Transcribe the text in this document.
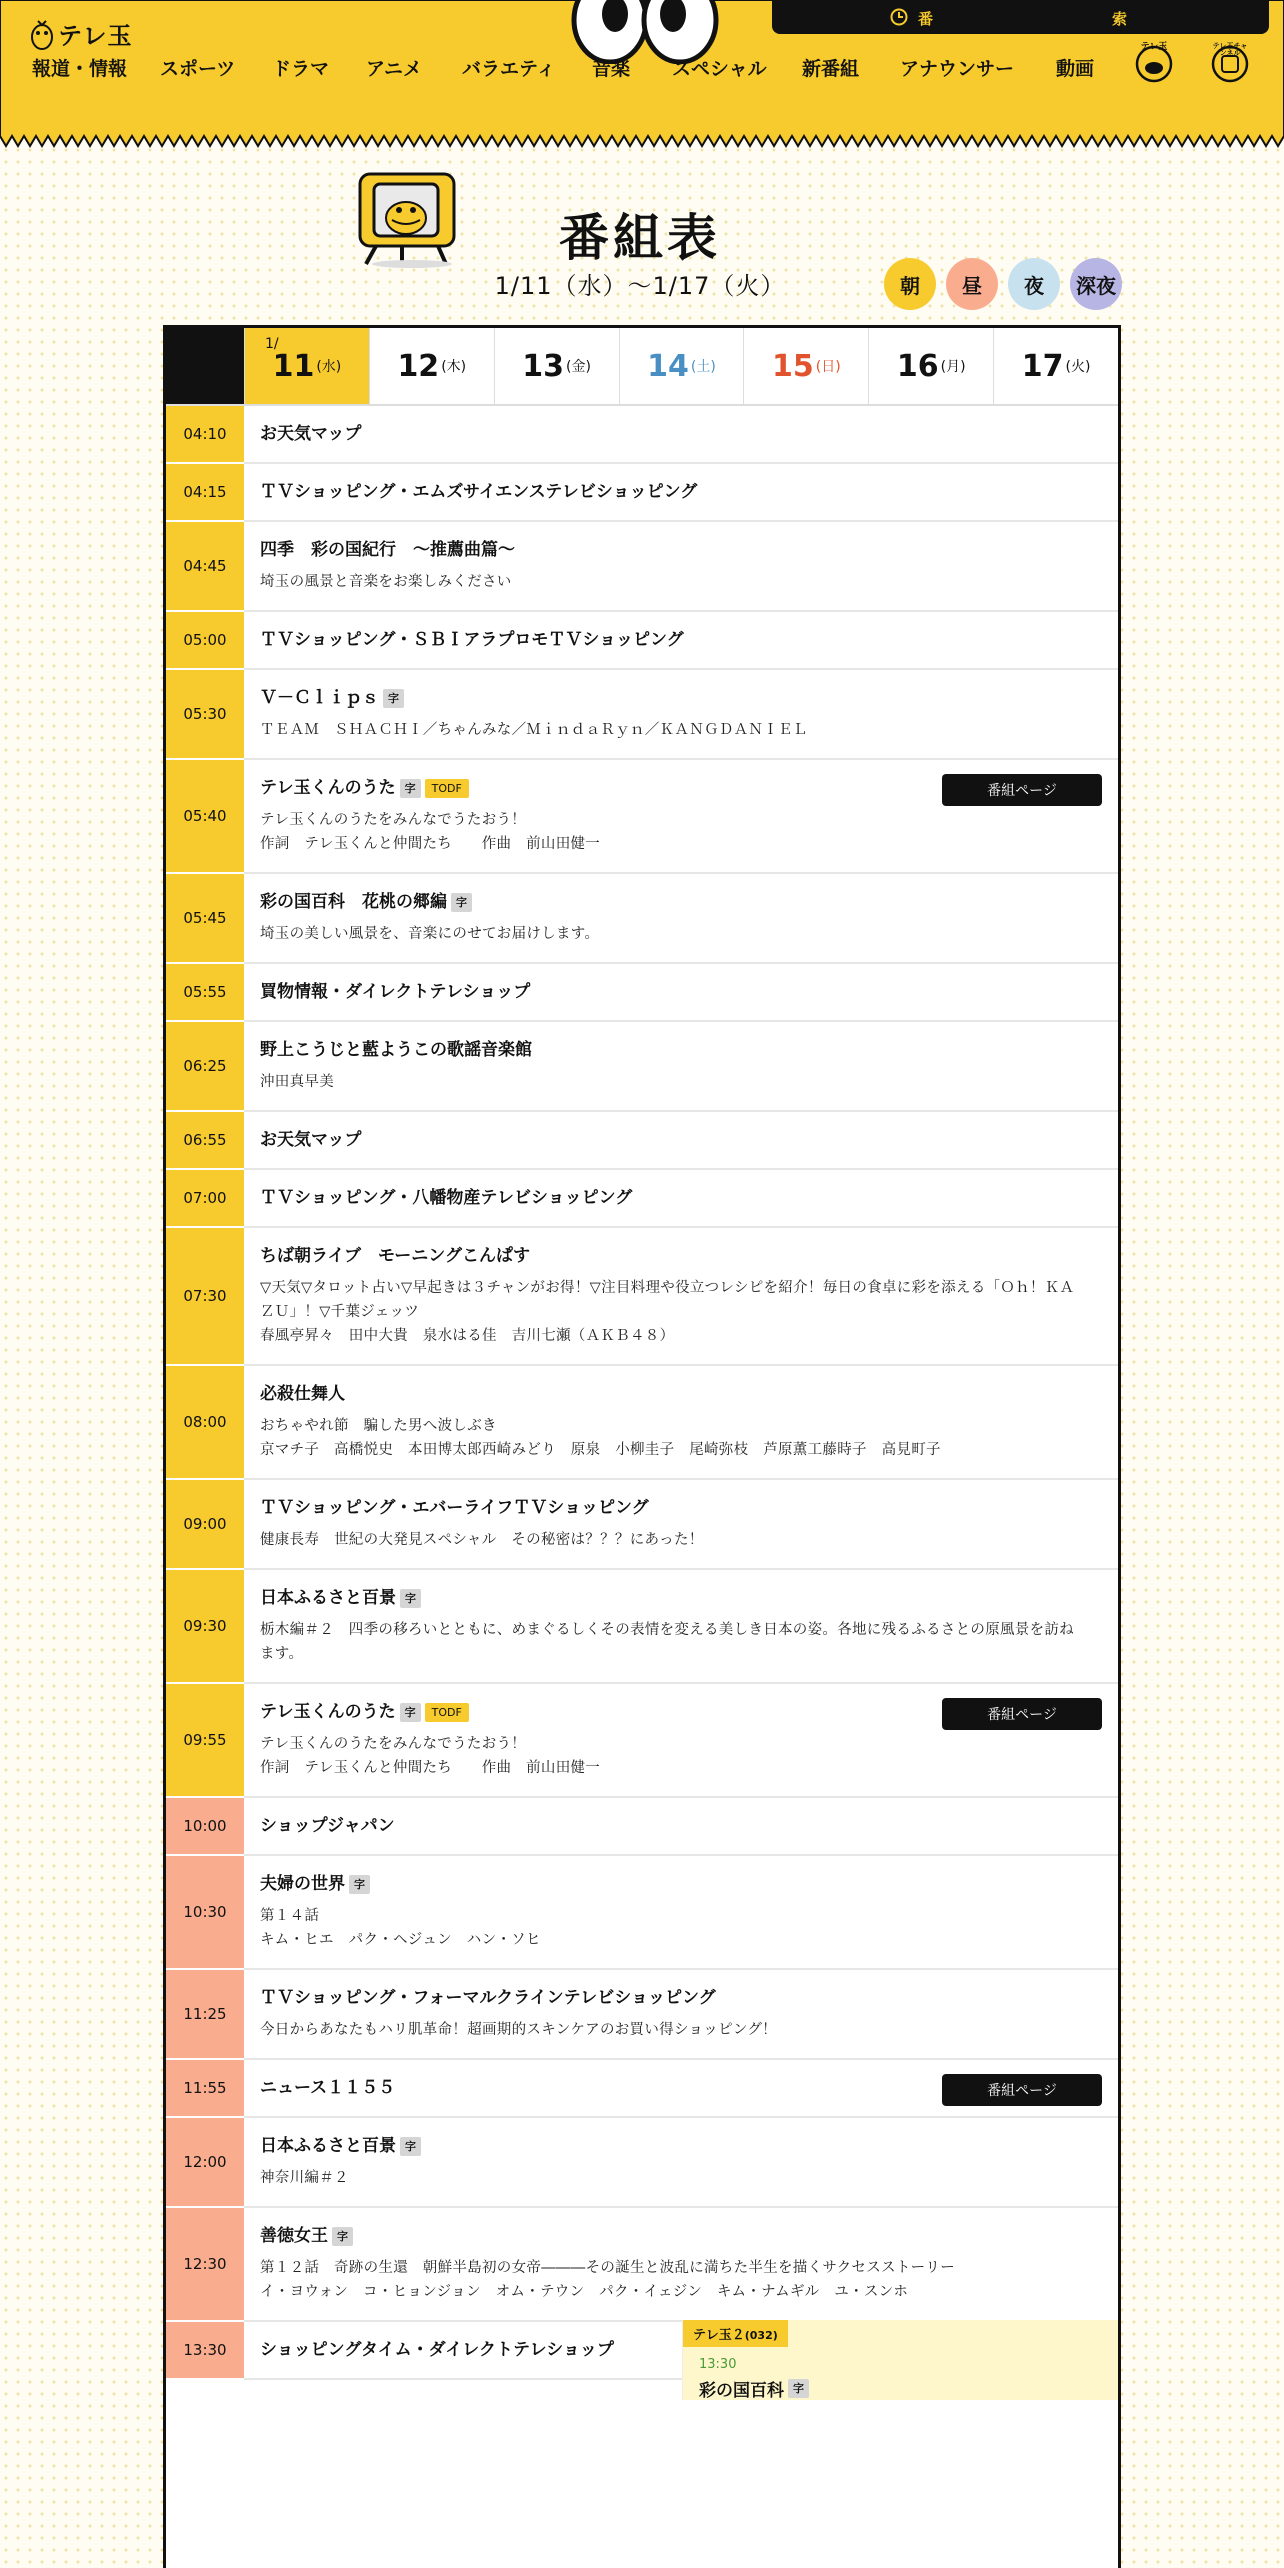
テレ玉
番	索
報道・情報 スポーツ ドラマ アニメ バラエティ 音楽 スペシャル 新番組 アナウンサー 動画
テレ玉	テレ玉チャンネル
番組表
1/11（水）〜1/17（火）	朝	昼	夜	深夜
1/
11 (水) 12 (木) 13 (金) 14 (土) 15 (日) 16 (月) 17 (火)
04:10	お天気マップ
04:15	ＴＶショッピング・エムズサイエンステレビショッピング
04:45
四季　彩の国紀行　～推薦曲篇～
埼玉の風景と音楽をお楽しみください
05:00	ＴＶショッピング・ＳＢＩアラプロモＴＶショッピング
05:30
Ｖ－Ｃｌｉｐｓ 字
ＴＥＡＭ　ＳＨＡＣＨＩ／ちゃんみな／ＭｉｎｄａＲｙｎ／ＫＡＮＧＤＡＮＩＥＬ
05:40
テレ玉くんのうた 字	TODF
テレ玉くんのうたをみんなでうたおう！
作詞　テレ玉くんと仲間たち　　作曲　前山田健一
番組ページ
05:45
彩の国百科　花桃の郷編 字
埼玉の美しい風景を、音楽にのせてお届けします。
05:55	買物情報・ダイレクトテレショップ
06:25
野上こうじと藍ようこの歌謡音楽館
沖田真早美
06:55	お天気マップ
07:00	ＴＶショッピング・八幡物産テレビショッピング
07:30
ちば朝ライブ　モーニングこんぱす
▽天気▽タロット占い▽早起きは３チャンがお得！▽注目料理や役立つレシピを紹介！毎日の食卓に彩を添える「Ｏｈ！ＫＡＺＵ」！▽千葉ジェッツ
春風亭昇々　田中大貴　泉水はる佳　吉川七瀬（ＡＫＢ４８）
08:00
必殺仕舞人
おちゃやれ節　騙した男へ波しぶき
京マチ子　高橋悦史　本田博太郎西崎みどり　原泉　小柳圭子　尾崎弥枝　芦原薫工藤時子　高見町子
09:00
ＴＶショッピング・エバーライフＴＶショッピング
健康長寿　世紀の大発見スペシャル　その秘密は？？？にあった！
09:30
日本ふるさと百景 字
栃木編＃２　四季の移ろいとともに、めまぐるしくその表情を変える美しき日本の姿。各地に残るふるさとの原風景を訪ねます。
09:55
テレ玉くんのうた 字	TODF
テレ玉くんのうたをみんなでうたおう！
作詞　テレ玉くんと仲間たち　　作曲　前山田健一
番組ページ
10:00	ショップジャパン
10:30
夫婦の世界 字
第１４話
キム・ヒエ　パク・ヘジュン　ハン・ソヒ
11:25
ＴＶショッピング・フォーマルクラインテレビショッピング
今日からあなたもハリ肌革命！超画期的スキンケアのお買い得ショッピング！
11:55	ニュース１１５５	番組ページ
12:00
日本ふるさと百景 字
神奈川編＃２
12:30
善徳女王 字
第１２話　奇跡の生還　朝鮮半島初の女帝―――その誕生と波乱に満ちた半生を描くサクセスストーリー
イ・ヨウォン　コ・ヒョンジョン　オム・テウン　パク・イェジン　キム・ナムギル　ユ・スンホ
13:30	ショッピングタイム・ダイレクトテレショップ
テレ玉２(032)
13:30
彩の国百科 字
